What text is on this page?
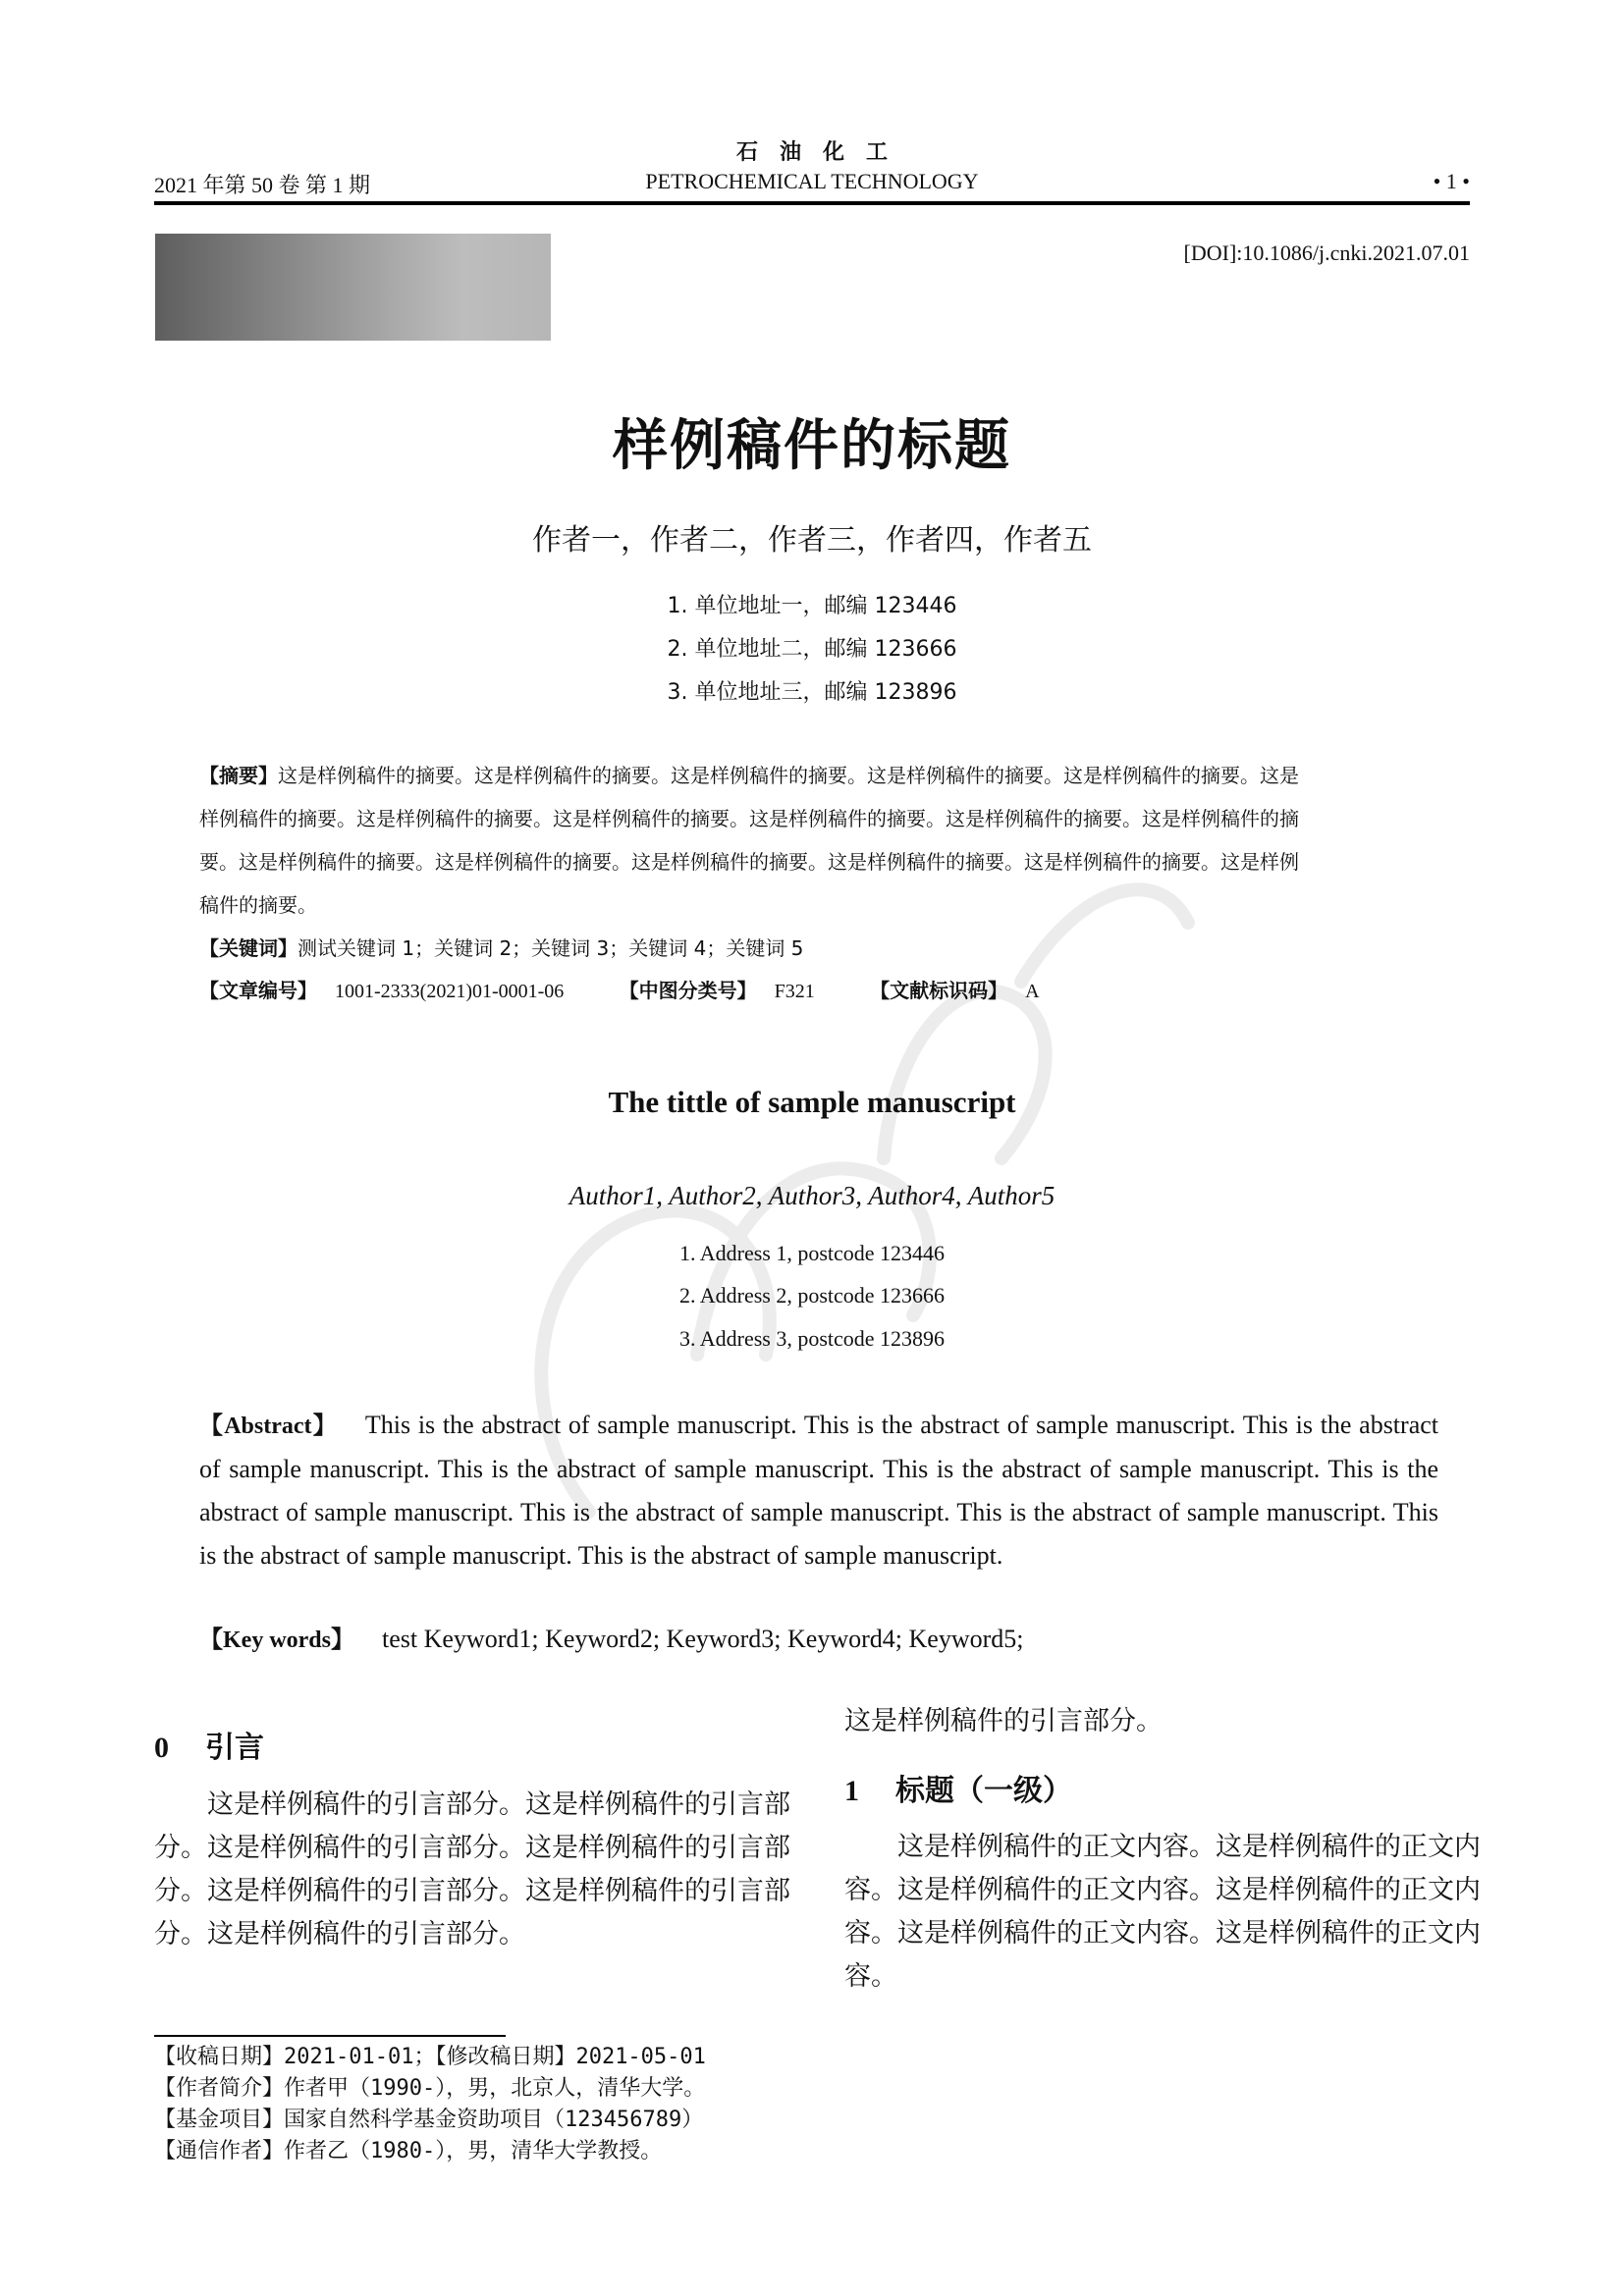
2021 年第 50 卷 第 1 期
石油化工
PETROCHEMICAL TECHNOLOGY	• 1 •
[DOI]:10.1086/j.cnki.2021.07.01
样例稿件的标题
作者一，作者二，作者三，作者四，作者五
1. 单位地址一，邮编 123446
2. 单位地址二，邮编 123666
3. 单位地址三，邮编 123896
【摘要】这是样例稿件的摘要。这是样例稿件的摘要。这是样例稿件的摘要。这是样例稿件的摘要。这是样例稿件的摘要。这是
样例稿件的摘要。这是样例稿件的摘要。这是样例稿件的摘要。这是样例稿件的摘要。这是样例稿件的摘要。这是样例稿件的摘
要。这是样例稿件的摘要。这是样例稿件的摘要。这是样例稿件的摘要。这是样例稿件的摘要。这是样例稿件的摘要。这是样例
稿件的摘要。
【关键词】测试关键词 1；关键词 2；关键词 3；关键词 4；关键词 5
【文章编号】 1001-2333(2021)01-0001-06	【中图分类号】 F321	【文献标识码】 A
The tittle of sample manuscript
Author1, Author2, Author3, Author4, Author5
1. Address 1, postcode 123446
2. Address 2, postcode 123666
3. Address 3, postcode 123896
【Abstract】 This is the abstract of sample manuscript. This is the abstract of sample manuscript. This is the abstract of sample manuscript. This is the abstract of sample manuscript. This is the abstract of sample manuscript. This is the abstract of sample manuscript. This is the abstract of sample manuscript. This is the abstract of sample manuscript. This is the abstract of sample manuscript. This is the abstract of sample manuscript.
【Key words】 test Keyword1; Keyword2; Keyword3; Keyword4; Keyword5;
0 引言
这是样例稿件的引言部分。这是样例稿件的引言部分。这是样例稿件的引言部分。这是样例稿件的引言部分。这是样例稿件的引言部分。这是样例稿件的引言部分。这是样例稿件的引言部分。
这是样例稿件的引言部分。
1 标题（一级）
这是样例稿件的正文内容。这是样例稿件的正文内容。这是样例稿件的正文内容。这是样例稿件的正文内容。这是样例稿件的正文内容。这是样例稿件的正文内容。
【收稿日期】2021-01-01；【修改稿日期】2021-05-01
【作者简介】作者甲（1990-），男，北京人，清华大学。
【基金项目】国家自然科学基金资助项目（123456789）
【通信作者】作者乙（1980-），男，清华大学教授。
